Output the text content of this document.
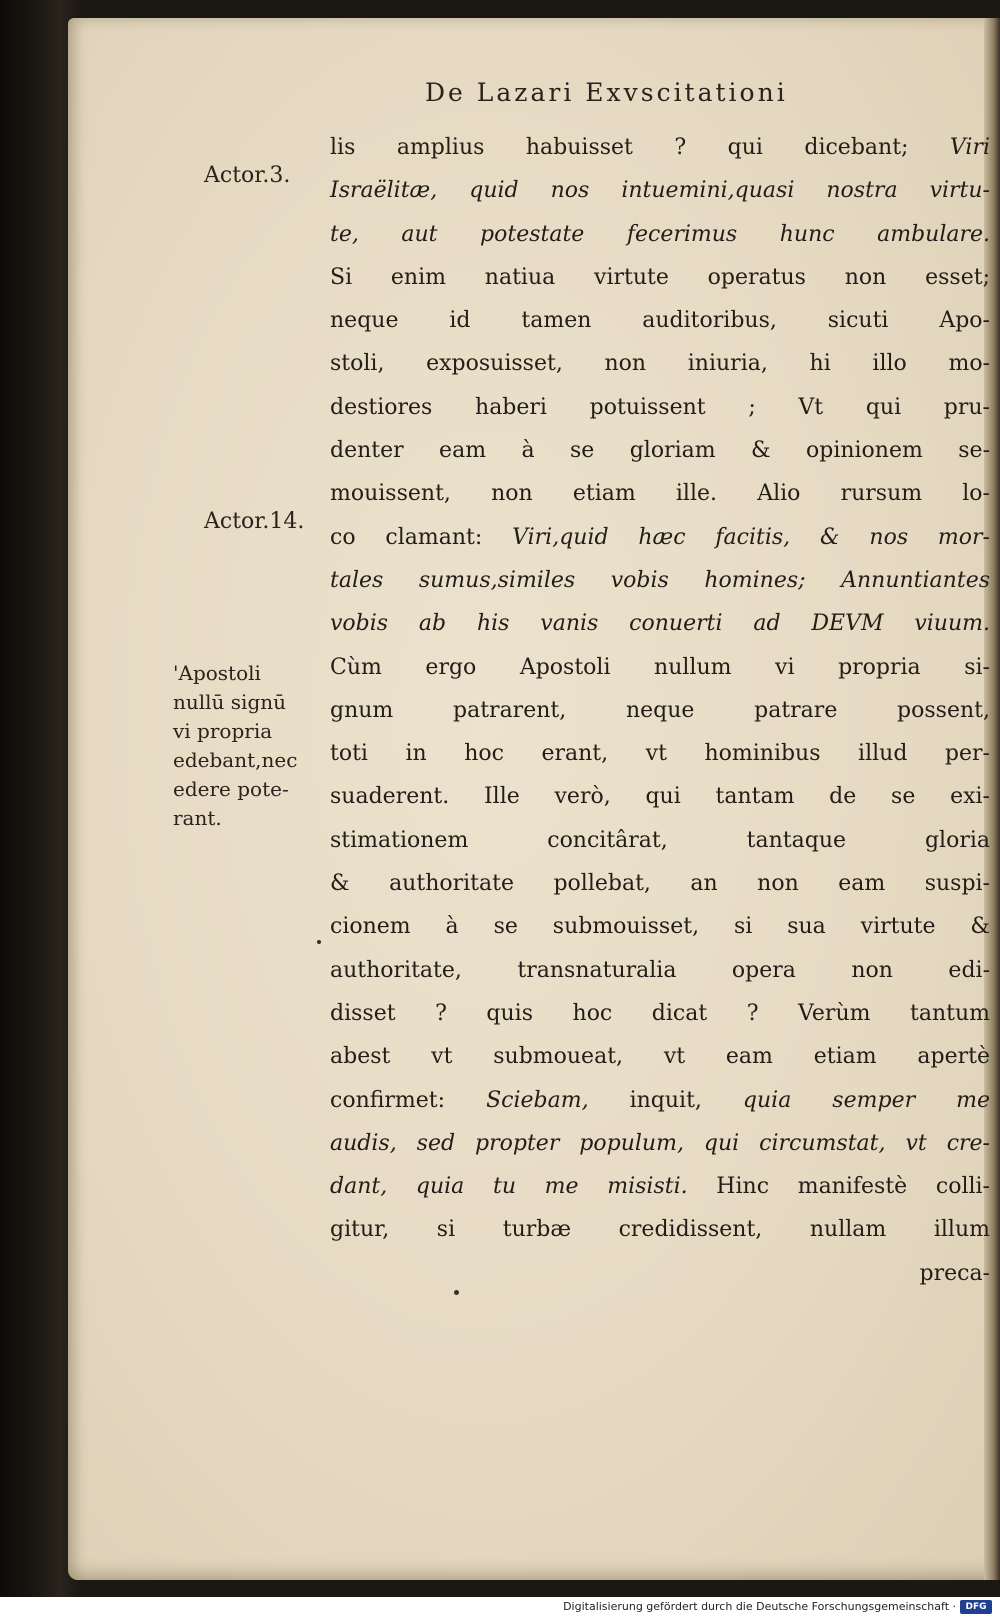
De Lazari Exvscitationi
Actor.3.
Actor.14.
'Apostoli
nullū signū
vi propria
edebant,nec
edere pote-
rant.
lis amplius habuisset ? qui dicebant; Viri
Israëlitæ, quid nos intuemini,quasi nostra virtu-
te, aut potestate fecerimus hunc ambulare.
Si enim natiua virtute operatus non esset;
neque id tamen auditoribus, sicuti Apo-
stoli, exposuisset, non iniuria, hi illo mo-
destiores haberi potuissent ; Vt qui pru-
denter eam à se gloriam & opinionem se-
mouissent, non etiam ille. Alio rursum lo-
co clamant: Viri,quid hæc facitis, & nos mor-
tales sumus,similes vobis homines; Annuntiantes
vobis ab his vanis conuerti ad DEVM viuum.
Cùm ergo Apostoli nullum vi propria si-
gnum patrarent, neque patrare possent,
toti in hoc erant, vt hominibus illud per-
suaderent. Ille verò, qui tantam de se exi-
stimationem concitârat, tantaque gloria
& authoritate pollebat, an non eam suspi-
cionem à se submouisset, si sua virtute &
authoritate, transnaturalia opera non edi-
disset ? quis hoc dicat ? Verùm tantum
abest vt submoueat, vt eam etiam apertè
confirmet: Sciebam, inquit, quia semper me
audis, sed propter populum, qui circumstat, vt cre-
dant, quia tu me misisti. Hinc manifestè colli-
gitur, si turbæ credidissent, nullam illum
preca-
Digitalisierung gefördert durch die Deutsche Forschungsgemeinschaft ·	DFG
